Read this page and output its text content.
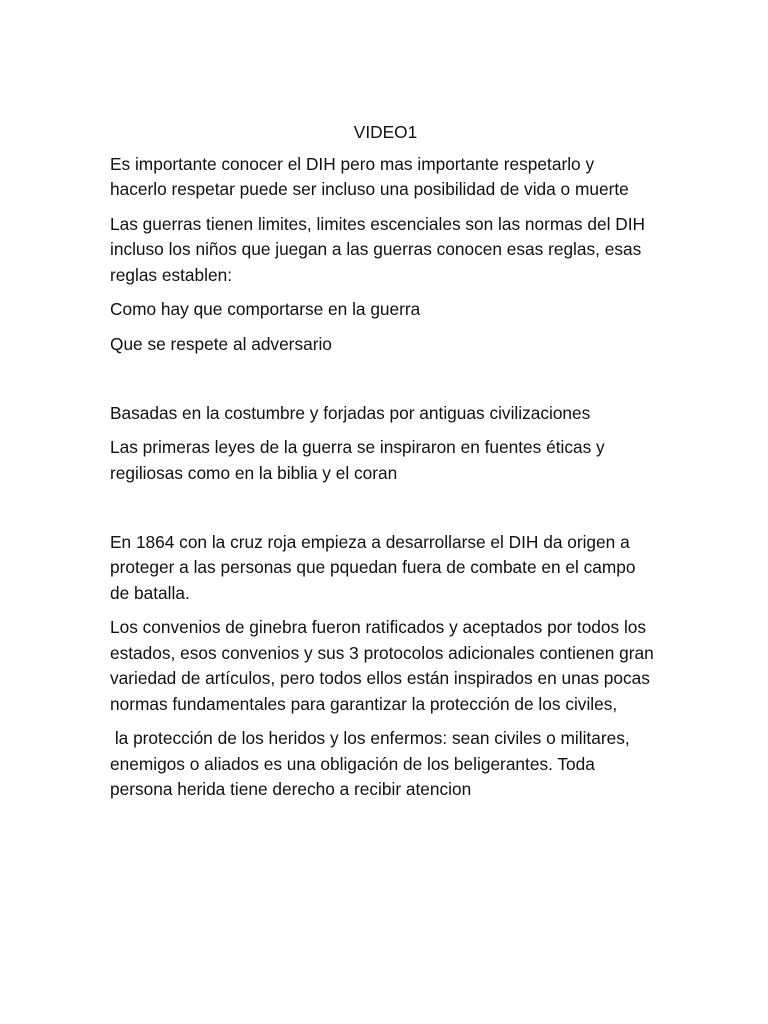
VIDEO1

Es importante conocer el DIH pero mas importante respetarlo y hacerlo respetar puede ser incluso una posibilidad de vida o muerte

Las guerras tienen limites, limites escenciales son las normas del DIH incluso los niños que juegan a las guerras conocen esas reglas, esas reglas establen:

Como hay que comportarse en la guerra

Que se respete al adversario

Basadas en la costumbre y forjadas por antiguas civilizaciones

Las primeras leyes de la guerra se inspiraron en fuentes éticas y regiliosas como en la biblia y el coran

En 1864 con la cruz roja empieza a desarrollarse el DIH da origen a proteger a las personas que pquedan fuera de combate en el campo de batalla.

Los convenios de ginebra fueron ratificados y aceptados por todos los estados, esos convenios y sus 3 protocolos adicionales contienen gran variedad de artículos, pero todos ellos están inspirados en unas pocas normas fundamentales para garantizar la protección de los civiles,

la protección de los heridos y los enfermos: sean civiles o militares, enemigos o aliados es una obligación de los beligerantes. Toda persona herida tiene derecho a recibir atencion
